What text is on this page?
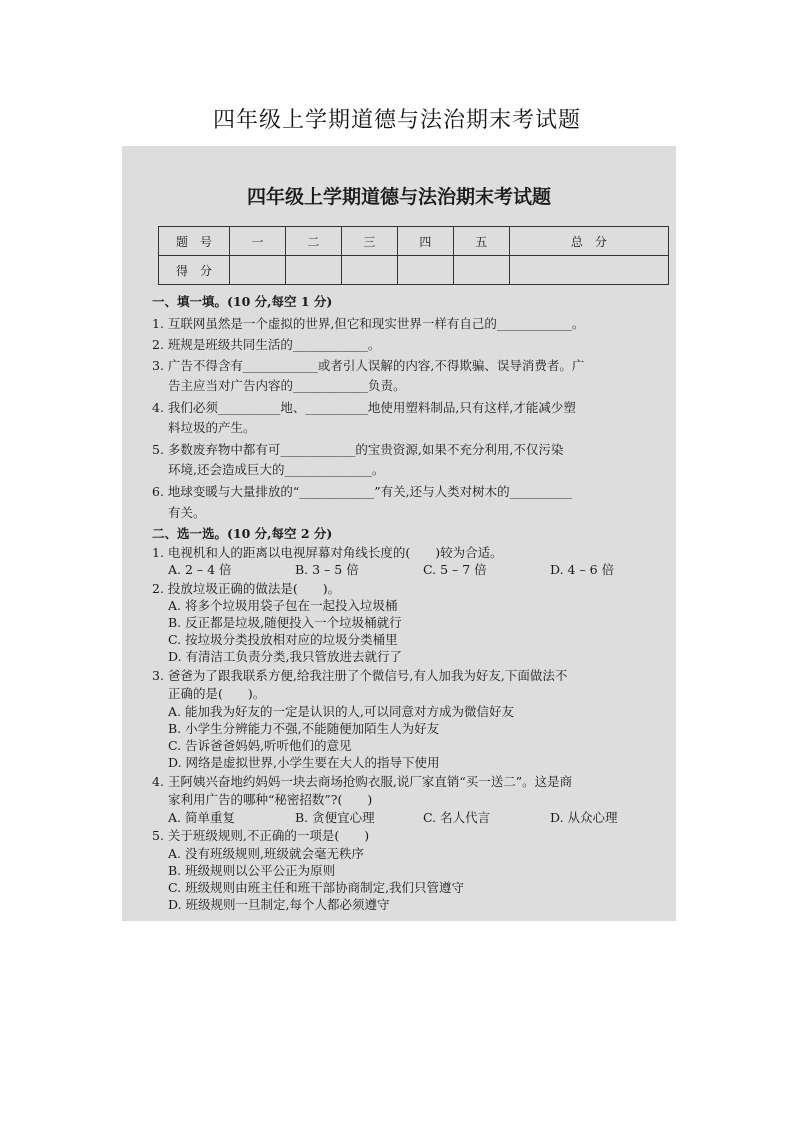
四年级上学期道德与法治期末考试题
四年级上学期道德与法治期末考试题
题　号	一	二	三	四	五	总　分
得　分						
一、填一填。(10 分,每空 1 分)
1. 互联网虽然是一个虚拟的世界,但它和现实世界一样有自己的____________。
2. 班规是班级共同生活的____________。
3. 广告不得含有____________或者引人误解的内容,不得欺骗、误导消费者。广
告主应当对广告内容的____________负责。
4. 我们必须__________地、__________地使用塑料制品,只有这样,才能减少塑
料垃圾的产生。
5. 多数废弃物中都有可____________的宝贵资源,如果不充分利用,不仅污染
环境,还会造成巨大的______________。
6. 地球变暖与大量排放的“____________”有关,还与人类对树木的__________
有关。
二、选一选。(10 分,每空 2 分)
1. 电视机和人的距离以电视屏幕对角线长度的(　　)较为合适。
A. 2 – 4 倍	B. 3 – 5 倍	C. 5 – 7 倍	D. 4 – 6 倍
2. 投放垃圾正确的做法是(　　)。
A. 将多个垃圾用袋子包在一起投入垃圾桶
B. 反正都是垃圾,随便投入一个垃圾桶就行
C. 按垃圾分类投放相对应的垃圾分类桶里
D. 有清洁工负责分类,我只管放进去就行了
3. 爸爸为了跟我联系方便,给我注册了个微信号,有人加我为好友,下面做法不
正确的是(　　)。
A. 能加我为好友的一定是认识的人,可以同意对方成为微信好友
B. 小学生分辨能力不强,不能随便加陌生人为好友
C. 告诉爸爸妈妈,听听他们的意见
D. 网络是虚拟世界,小学生要在大人的指导下使用
4. 王阿姨兴奋地约妈妈一块去商场抢购衣服,说厂家直销“买一送二”。这是商
家利用广告的哪种“秘密招数”?(　　)
A. 简单重复	B. 贪便宜心理	C. 名人代言	D. 从众心理
5. 关于班级规则,不正确的一项是(　　)
A. 没有班级规则,班级就会毫无秩序
B. 班级规则以公平公正为原则
C. 班级规则由班主任和班干部协商制定,我们只管遵守
D. 班级规则一旦制定,每个人都必须遵守
